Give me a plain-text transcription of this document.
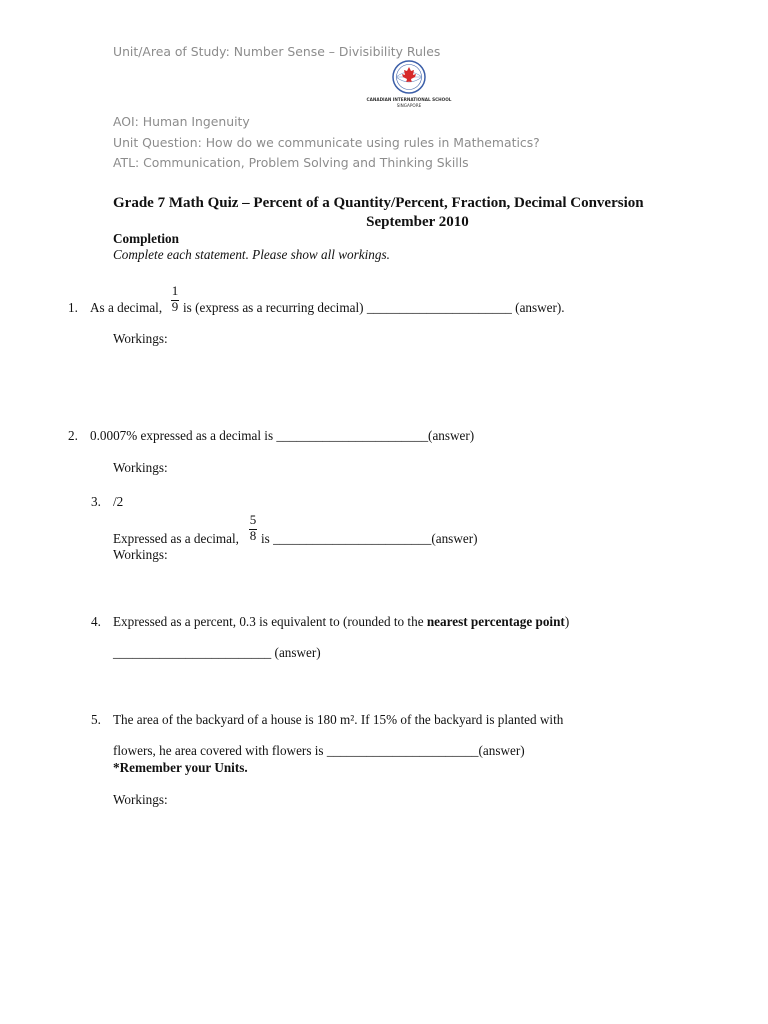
Unit/Area of Study: Number Sense – Divisibility Rules
CANADIAN INTERNATIONAL SCHOOL
SINGAPORE
AOI: Human Ingenuity
Unit Question: How do we communicate using rules in Mathematics?
ATL: Communication, Problem Solving and Thinking Skills
Grade 7 Math Quiz – Percent of a Quantity/Percent, Fraction, Decimal Conversion
September 2010
Completion
Complete each statement. Please show all workings.
1. As a decimal,
1
9 is (express as a recurring decimal) ______________________ (answer).
Workings:
2. 0.0007% expressed as a decimal is _______________________(answer)
Workings:
3. /2
Expressed as a decimal,
5
8 is ________________________(answer)
Workings:
4. Expressed as a percent, 0.3 is equivalent to (rounded to the nearest percentage point)
________________________ (answer)
5. The area of the backyard of a house is 180 m². If 15% of the backyard is planted with
flowers, he area covered with flowers is _______________________(answer)
*Remember your Units.
Workings:
